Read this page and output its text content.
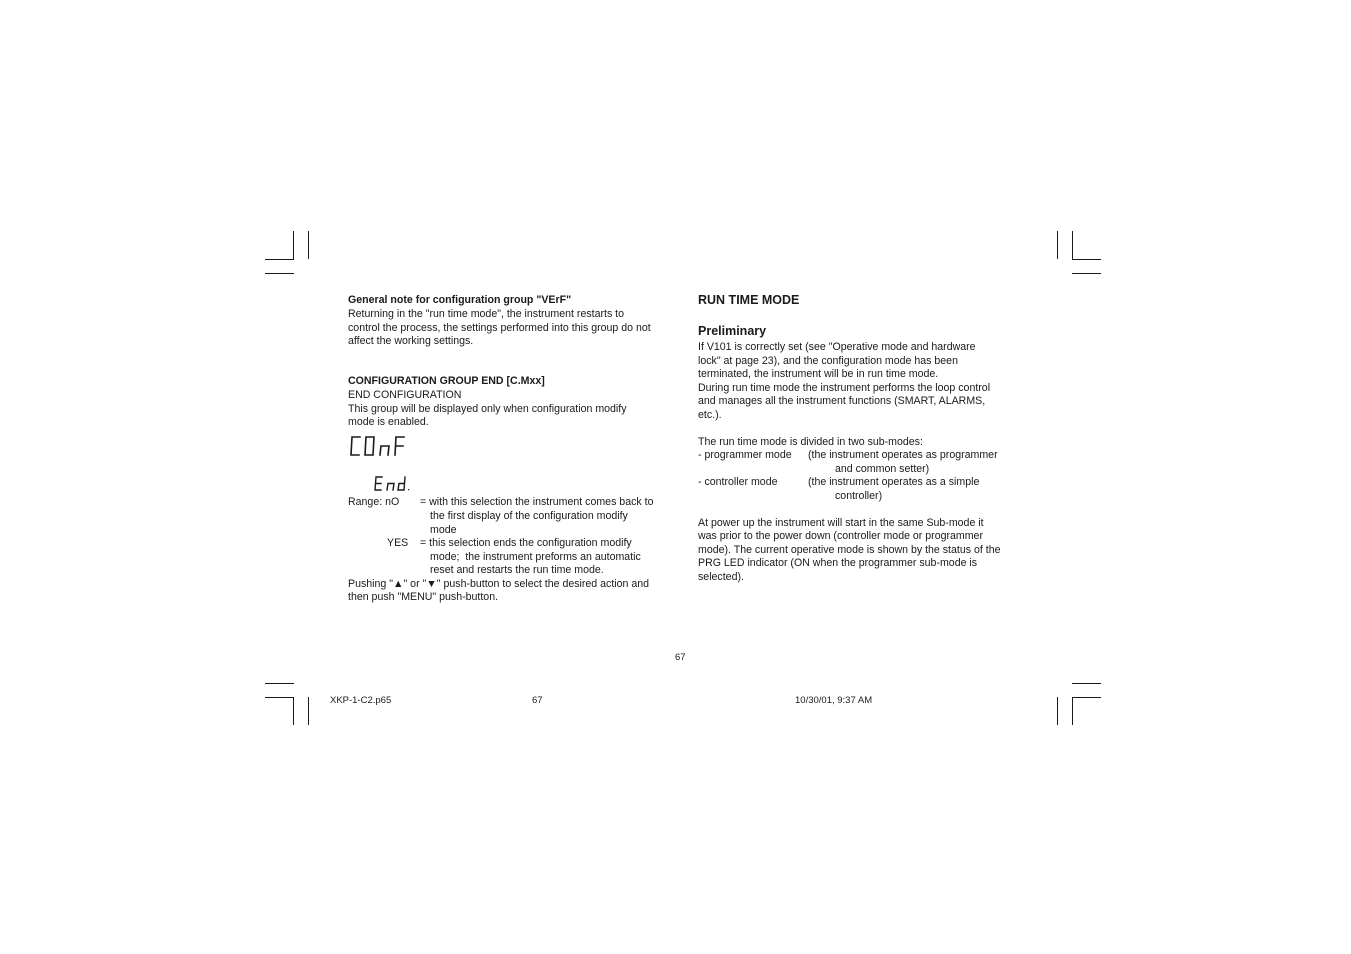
General note for configuration group "VErF"
Returning in the "run time mode", the instrument restarts to
control the process, the settings performed into this group do not
affect the working settings.
CONFIGURATION GROUP END [C.Mxx]
END CONFIGURATION
This group will be displayed only when configuration modify
mode is enabled.
Range: nO = with this selection the instrument comes back to
the first display of the configuration modify
mode
YES = this selection ends the configuration modify
mode;  the instrument preforms an automatic
reset and restarts the run time mode.
Pushing "▲" or "▼" push-button to select the desired action and
then push "MENU" push-button.
RUN TIME MODE
Preliminary
If V101 is correctly set (see "Operative mode and hardware
lock" at page 23), and the configuration mode has been
terminated, the instrument will be in run time mode.
During run time mode the instrument performs the loop control
and manages all the instrument functions (SMART, ALARMS,
etc.).
The run time mode is divided in two sub-modes:
- programmer mode (the instrument operates as programmer
and common setter)
- controller mode	(the instrument operates as a simple
controller)
At power up the instrument will start in the same Sub-mode it
was prior to the power down (controller mode or programmer
mode). The current operative mode is shown by the status of the
PRG LED indicator (ON when the programmer sub-mode is
selected).
67
XKP-1-C2.p65	67	10/30/01, 9:37 AM
